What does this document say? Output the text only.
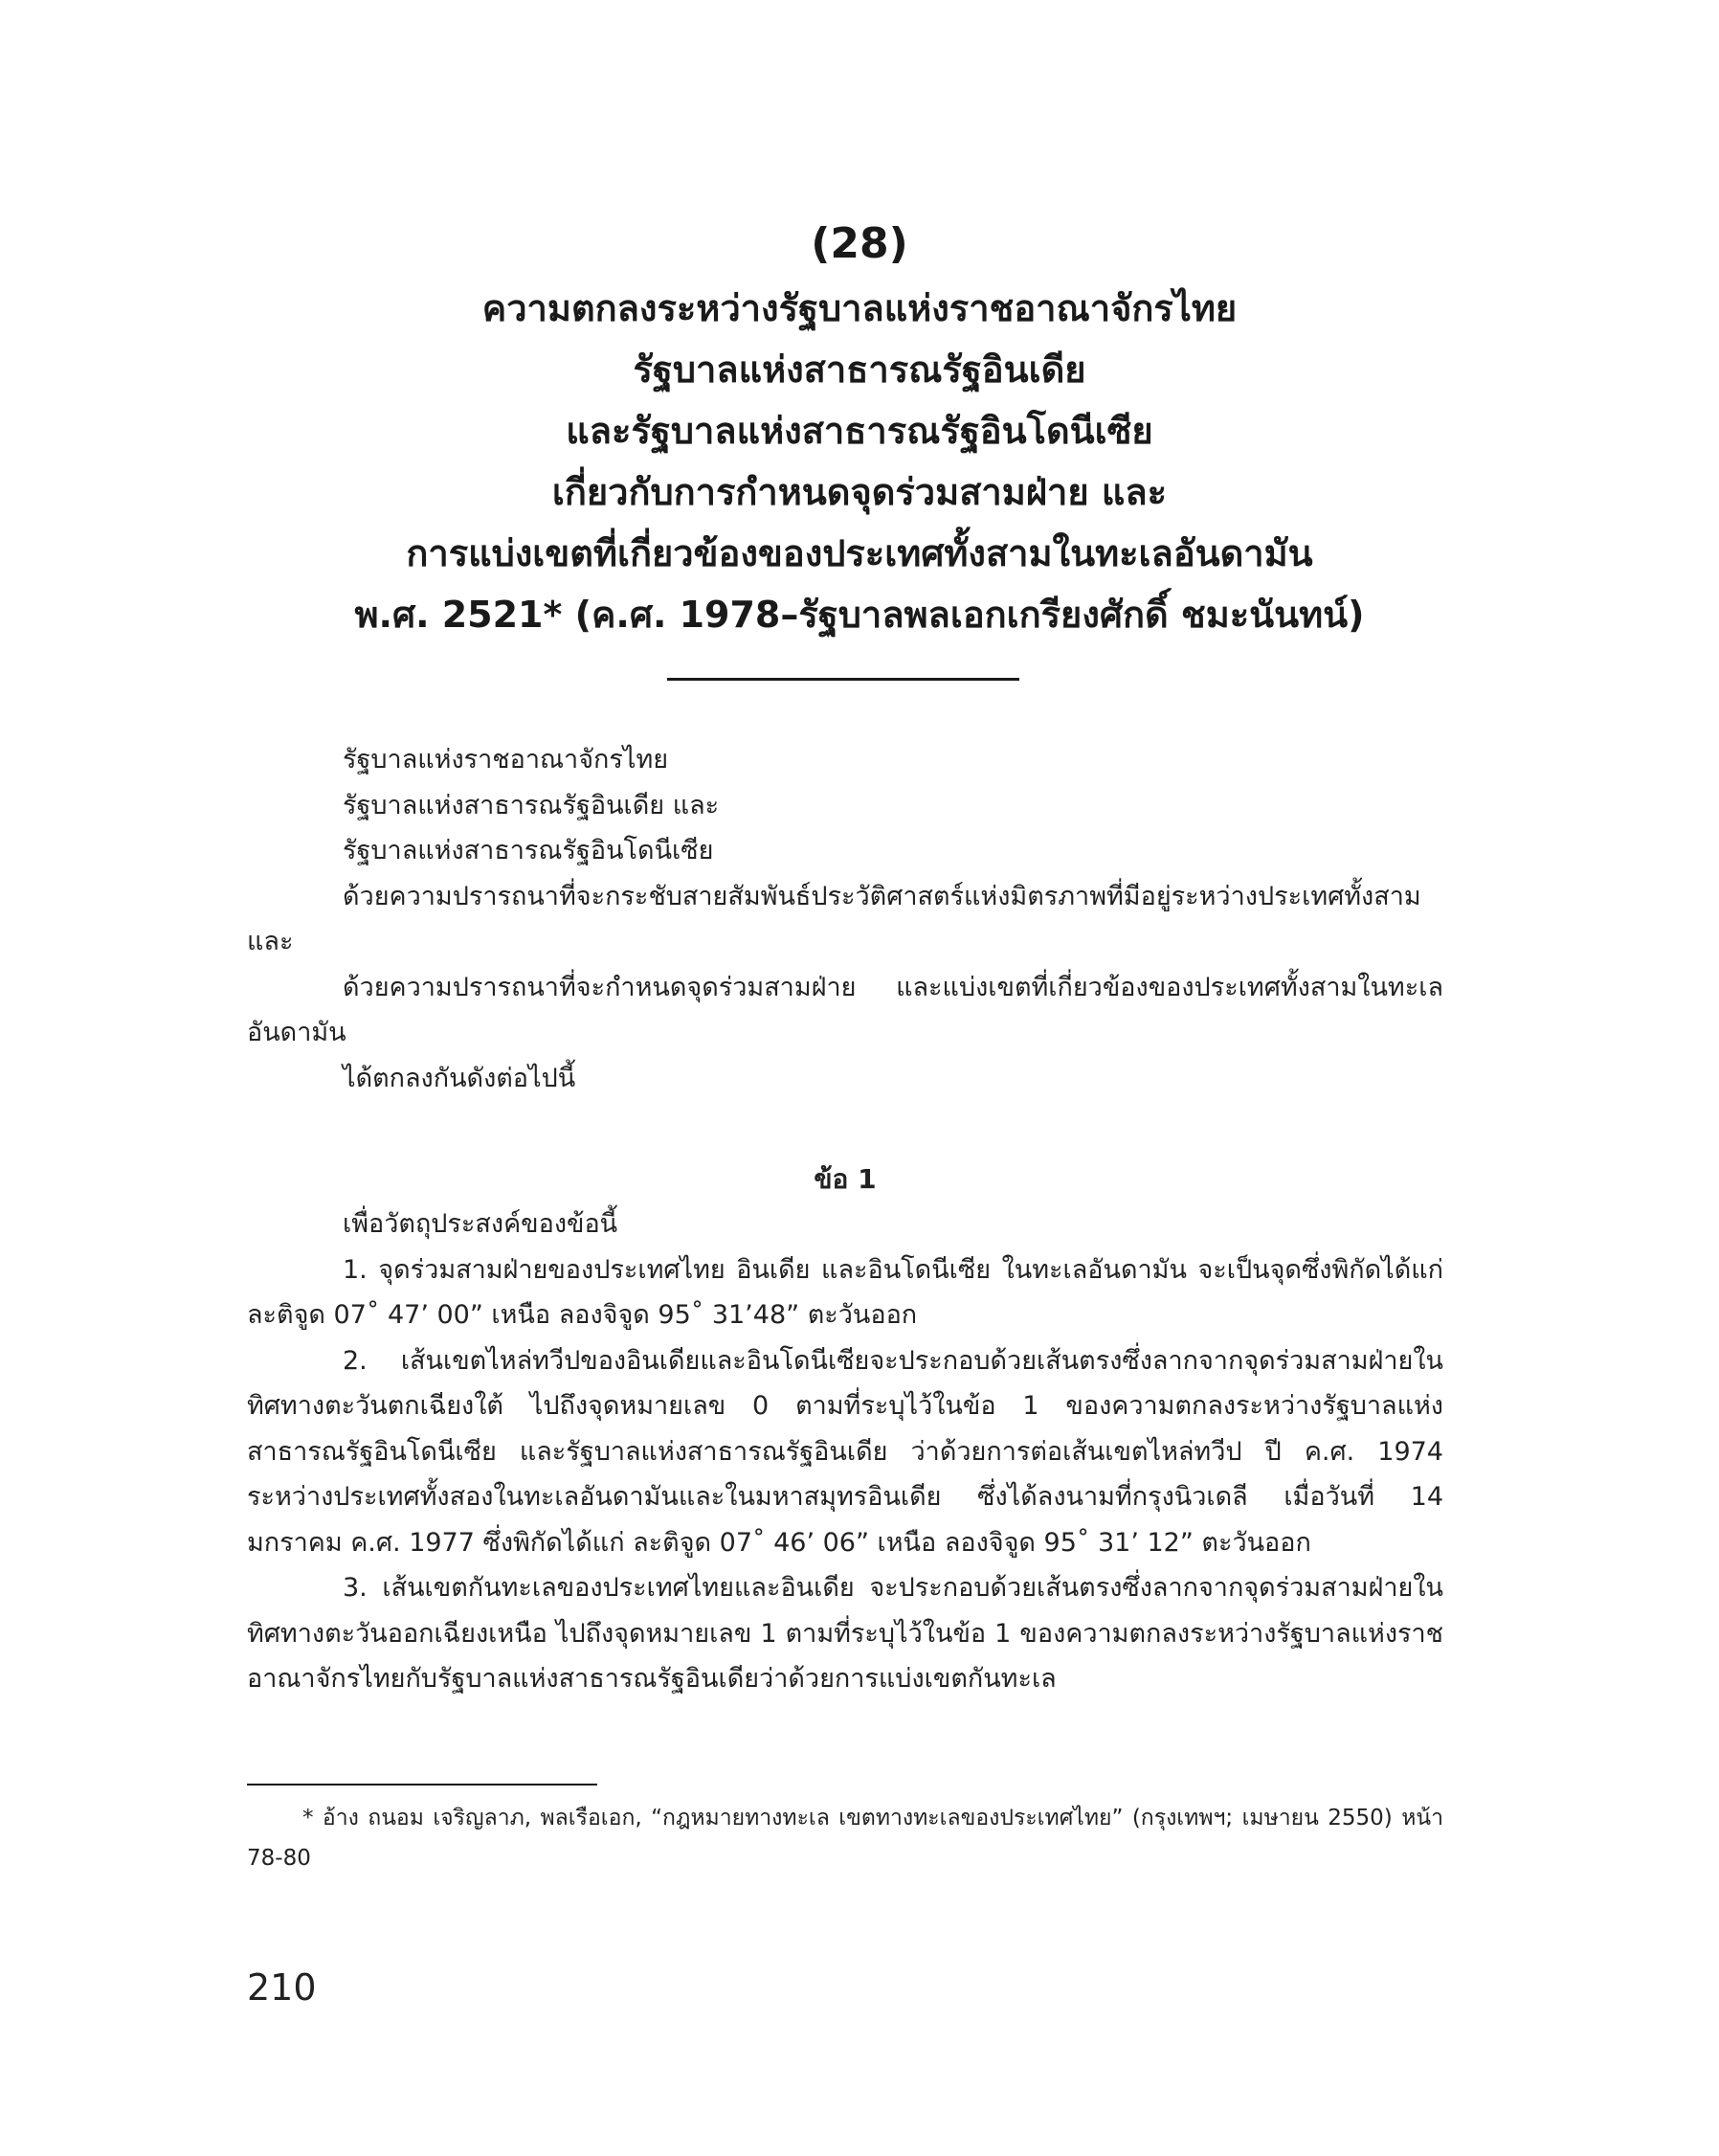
(28)
ความตกลงระหว่างรัฐบาลแห่งราชอาณาจักรไทย
รัฐบาลแห่งสาธารณรัฐอินเดีย
และรัฐบาลแห่งสาธารณรัฐอินโดนีเซีย
เกี่ยวกับการกำหนดจุดร่วมสามฝ่าย และ
การแบ่งเขตที่เกี่ยวข้องของประเทศทั้งสามในทะเลอันดามัน
พ.ศ. 2521* (ค.ศ. 1978–รัฐบาลพลเอกเกรียงศักดิ์ ชมะนันทน์)
รัฐบาลแห่งราชอาณาจักรไทย
รัฐบาลแห่งสาธารณรัฐอินเดีย และ
รัฐบาลแห่งสาธารณรัฐอินโดนีเซีย
ด้วยความปรารถนาที่จะกระชับสายสัมพันธ์ประวัติศาสตร์แห่งมิตรภาพที่มีอยู่ระหว่างประเทศทั้งสาม และ
ด้วยความปรารถนาที่จะกำหนดจุดร่วมสามฝ่าย และแบ่งเขตที่เกี่ยวข้องของประเทศทั้งสามในทะเลอันดามัน
ได้ตกลงกันดังต่อไปนี้
ข้อ 1
เพื่อวัตถุประสงค์ของข้อนี้
1. จุดร่วมสามฝ่ายของประเทศไทย อินเดีย และอินโดนีเซีย ในทะเลอันดามัน จะเป็นจุดซึ่งพิกัดได้แก่ ละติจูด 07˚ 47’ 00” เหนือ ลองจิจูด 95˚ 31’48” ตะวันออก
2. เส้นเขตไหล่ทวีปของอินเดียและอินโดนีเซียจะประกอบด้วยเส้นตรงซึ่งลากจากจุดร่วมสามฝ่ายในทิศทางตะวันตกเฉียงใต้ ไปถึงจุดหมายเลข 0 ตามที่ระบุไว้ในข้อ 1 ของความตกลงระหว่างรัฐบาลแห่งสาธารณรัฐอินโดนีเซีย และรัฐบาลแห่งสาธารณรัฐอินเดีย ว่าด้วยการต่อเส้นเขตไหล่ทวีป ปี ค.ศ. 1974 ระหว่างประเทศทั้งสองในทะเลอันดามันและในมหาสมุทรอินเดีย ซึ่งได้ลงนามที่กรุงนิวเดลี เมื่อวันที่ 14 มกราคม ค.ศ. 1977 ซึ่งพิกัดได้แก่ ละติจูด 07˚ 46’ 06” เหนือ ลองจิจูด 95˚ 31’ 12” ตะวันออก
3. เส้นเขตกันทะเลของประเทศไทยและอินเดีย จะประกอบด้วยเส้นตรงซึ่งลากจากจุดร่วมสามฝ่ายในทิศทางตะวันออกเฉียงเหนือ ไปถึงจุดหมายเลข 1 ตามที่ระบุไว้ในข้อ 1 ของความตกลงระหว่างรัฐบาลแห่งราชอาณาจักรไทยกับรัฐบาลแห่งสาธารณรัฐอินเดียว่าด้วยการแบ่งเขตกันทะเล
* อ้าง ถนอม เจริญลาภ, พลเรือเอก, “กฎหมายทางทะเล เขตทางทะเลของประเทศไทย” (กรุงเทพฯ; เมษายน 2550) หน้า 78-80
210
